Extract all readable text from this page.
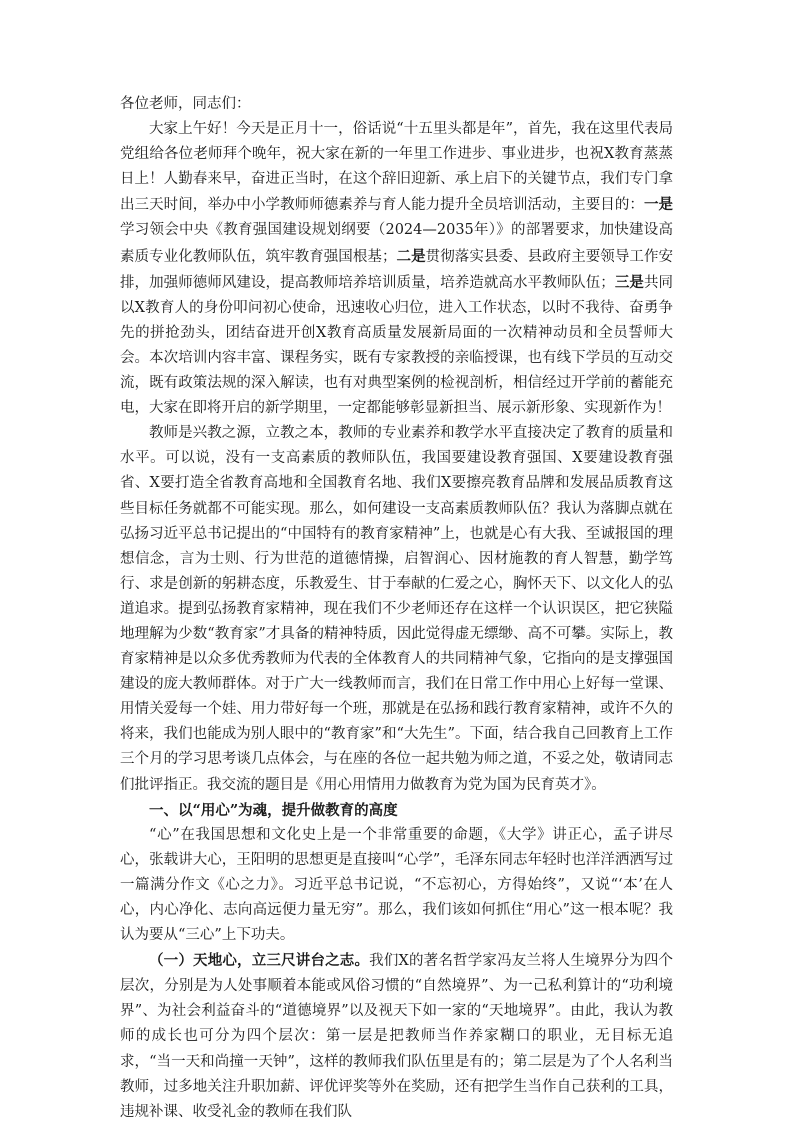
各位老师，同志们：

大家上午好！今天是正月十一，俗话说“十五里头都是年”，首先，我在这里代表局党组给各位老师拜个晚年，祝大家在新的一年里工作进步、事业进步，也祝X教育蒸蒸日上！人勤春来早，奋进正当时，在这个辞旧迎新、承上启下的关键节点，我们专门拿出三天时间，举办中小学教师师德素养与育人能力提升全员培训活动，主要目的：一是学习领会中央《教育强国建设规划纲要（2024—2035年）》的部署要求，加快建设高素质专业化教师队伍，筑牢教育强国根基；二是贯彻落实县委、县政府主要领导工作安排，加强师德师风建设，提高教师培养培训质量，培养造就高水平教师队伍；三是共同以X教育人的身份叩问初心使命，迅速收心归位，进入工作状态，以时不我待、奋勇争先的拼抢劲头，团结奋进开创X教育高质量发展新局面的一次精神动员和全员誓师大会。本次培训内容丰富、课程务实，既有专家教授的亲临授课，也有线下学员的互动交流，既有政策法规的深入解读，也有对典型案例的检视剖析，相信经过开学前的蓄能充电，大家在即将开启的新学期里，一定都能够彰显新担当、展示新形象、实现新作为！

教师是兴教之源，立教之本，教师的专业素养和教学水平直接决定了教育的质量和水平。可以说，没有一支高素质的教师队伍，我国要建设教育强国、X要建设教育强省、X要打造全省教育高地和全国教育名地、我们X要擦亮教育品牌和发展品质教育这些目标任务就都不可能实现。那么，如何建设一支高素质教师队伍？我认为落脚点就在弘扬习近平总书记提出的“中国特有的教育家精神”上，也就是心有大我、至诚报国的理想信念，言为士则、行为世范的道德情操，启智润心、因材施教的育人智慧，勤学笃行、求是创新的躬耕态度，乐教爱生、甘于奉献的仁爱之心，胸怀天下、以文化人的弘道追求。提到弘扬教育家精神，现在我们不少老师还存在这样一个认识误区，把它狭隘地理解为少数“教育家”才具备的精神特质，因此觉得虚无缥缈、高不可攀。实际上，教育家精神是以众多优秀教师为代表的全体教育人的共同精神气象，它指向的是支撑强国建设的庞大教师群体。对于广大一线教师而言，我们在日常工作中用心上好每一堂课、用情关爱每一个娃、用力带好每一个班，那就是在弘扬和践行教育家精神，或许不久的将来，我们也能成为别人眼中的“教育家”和“大先生”。下面，结合我自己回教育上工作三个月的学习思考谈几点体会，与在座的各位一起共勉为师之道，不妥之处，敬请同志们批评指正。我交流的题目是《用心用情用力做教育为党为国为民育英才》。

一、以“用心”为魂，提升做教育的高度

“心”在我国思想和文化史上是一个非常重要的命题，《大学》讲正心，孟子讲尽心，张载讲大心，王阳明的思想更是直接叫“心学”，毛泽东同志年轻时也洋洋洒洒写过一篇满分作文《心之力》。习近平总书记说，“不忘初心，方得始终”，又说“‘本’在人心，内心净化、志向高远便力量无穷”。那么，我们该如何抓住“用心”这一根本呢？我认为要从“三心”上下功夫。

（一）天地心，立三尺讲台之志。我们X的著名哲学家冯友兰将人生境界分为四个层次，分别是为人处事顺着本能或风俗习惯的“自然境界”、为一己私利算计的“功利境界”、为社会利益奋斗的“道德境界”以及视天下如一家的“天地境界”。由此，我认为教师的成长也可分为四个层次：第一层是把教师当作养家糊口的职业，无目标无追求，“当一天和尚撞一天钟”，这样的教师我们队伍里是有的；第二层是为了个人名利当教师，过多地关注升职加薪、评优评奖等外在奖励，还有把学生当作自己获利的工具，违规补课、收受礼金的教师在我们队
